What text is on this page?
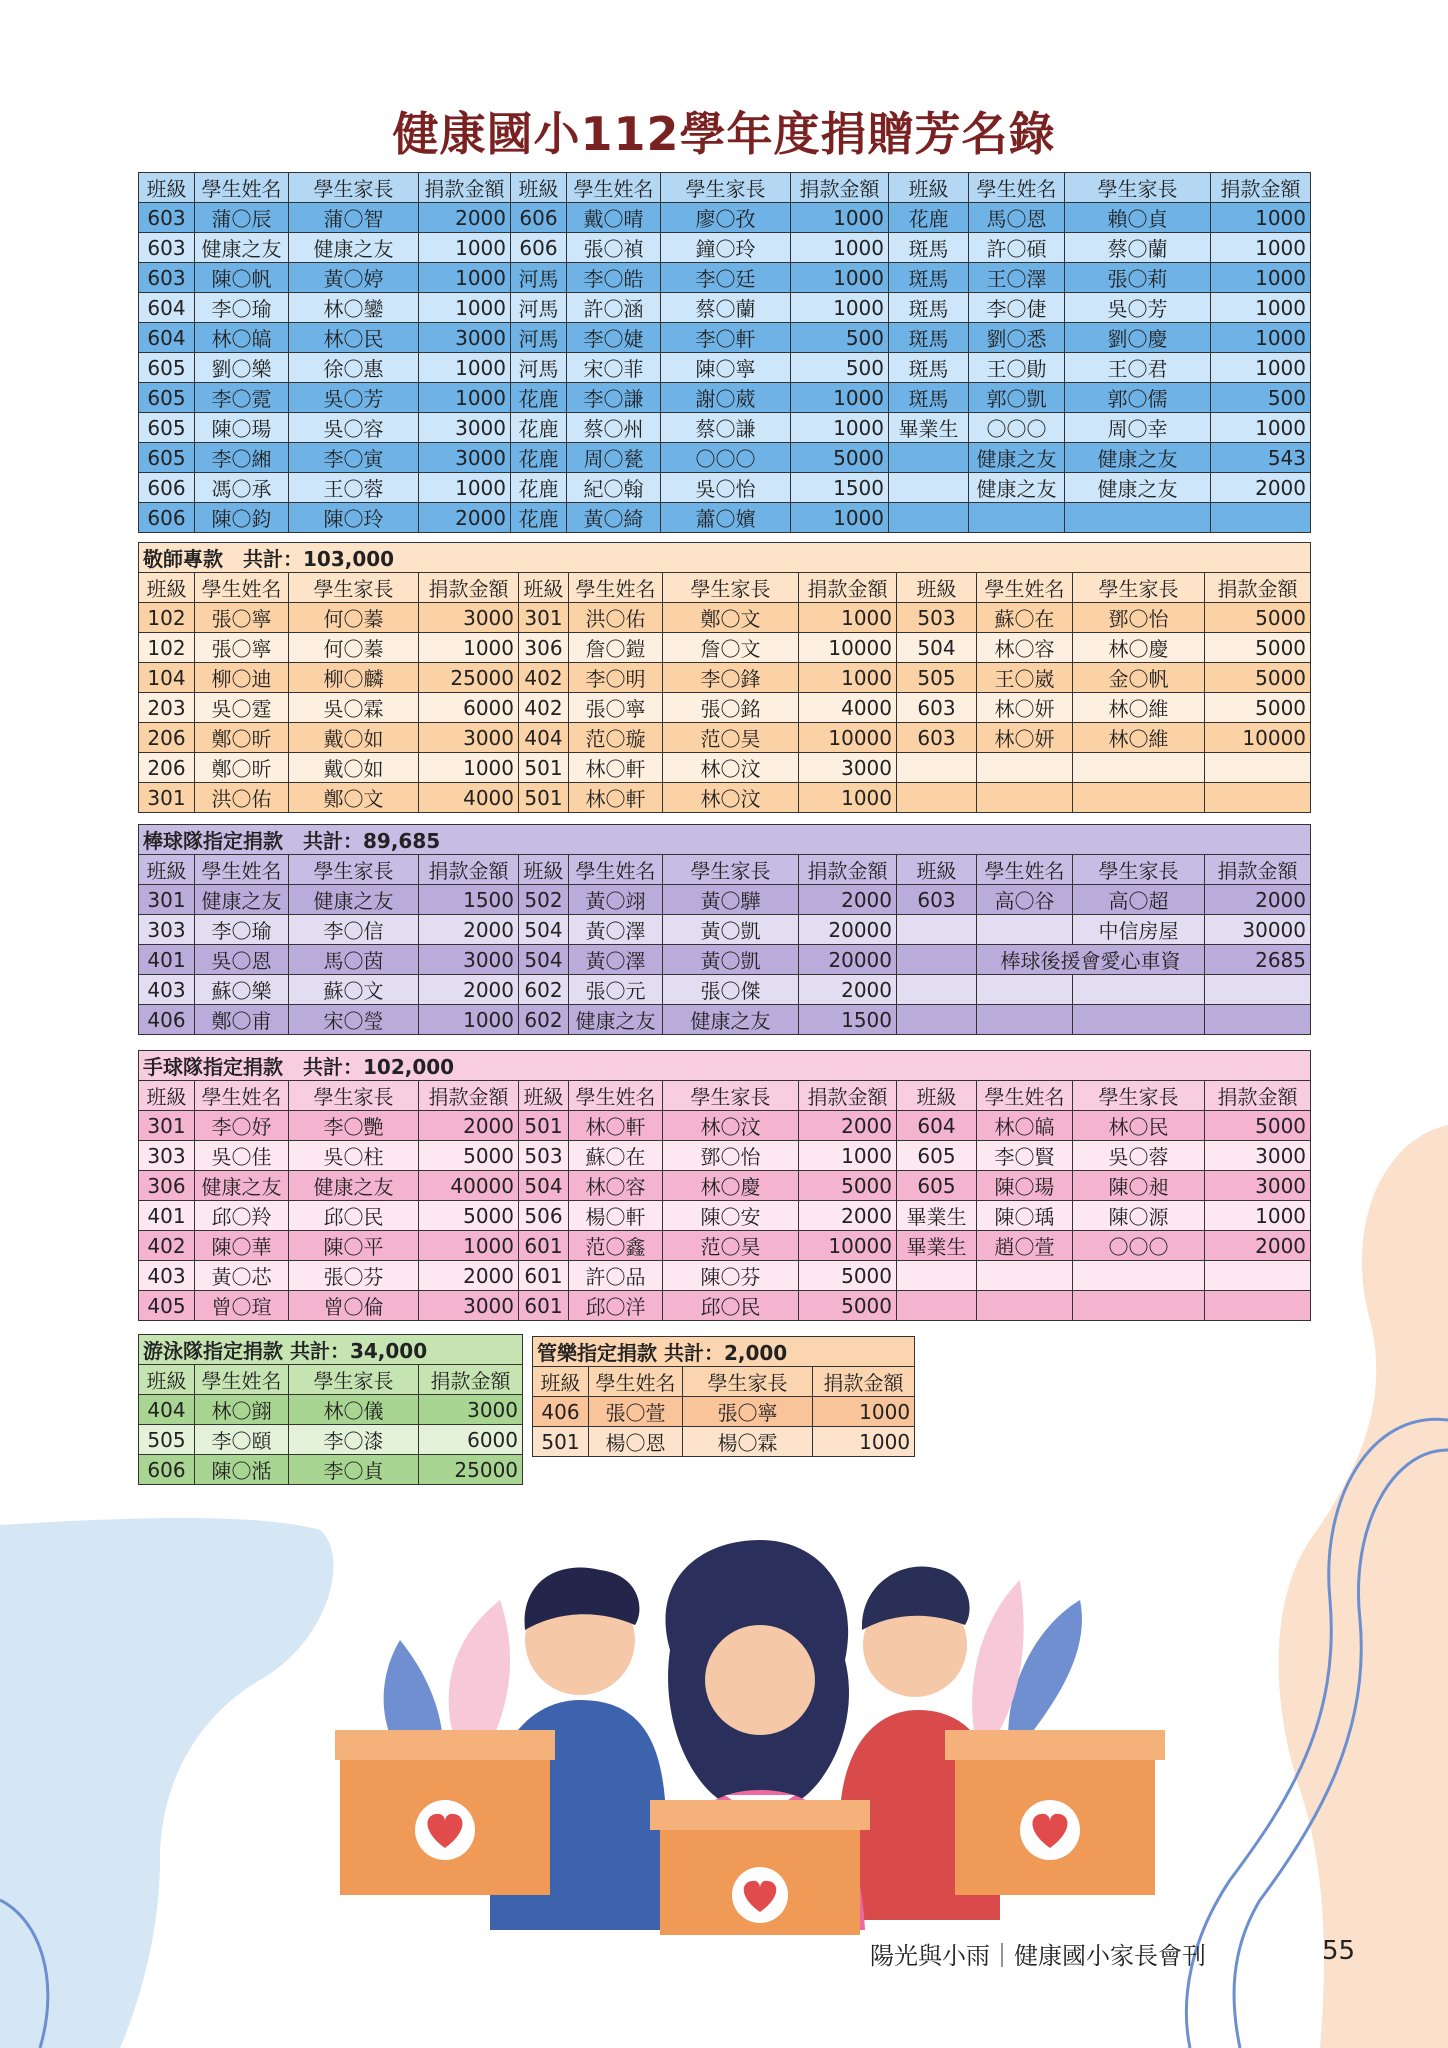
健康國小112學年度捐贈芳名錄
班級	學生姓名	學生家長	捐款金額	班級	學生姓名	學生家長	捐款金額	班級	學生姓名	學生家長	捐款金額
603	蒲〇辰	蒲〇智	2000	606	戴〇晴	廖〇孜	1000	花鹿	馬〇恩	賴〇貞	1000
603	健康之友	健康之友	1000	606	張〇禎	鐘〇玲	1000	斑馬	許〇碩	蔡〇蘭	1000
603	陳〇帆	黃〇婷	1000	河馬	李〇皓	李〇廷	1000	斑馬	王〇澤	張〇莉	1000
604	李〇瑜	林〇鑾	1000	河馬	許〇涵	蔡〇蘭	1000	斑馬	李〇倢	吳〇芳	1000
604	林〇皜	林〇民	3000	河馬	李〇婕	李〇軒	500	斑馬	劉〇悉	劉〇慶	1000
605	劉〇樂	徐〇惠	1000	河馬	宋〇菲	陳〇寧	500	斑馬	王〇勛	王〇君	1000
605	李〇霓	吳〇芳	1000	花鹿	李〇謙	謝〇葳	1000	斑馬	郭〇凱	郭〇儒	500
605	陳〇瑒	吳〇容	3000	花鹿	蔡〇州	蔡〇謙	1000	畢業生	〇〇〇	周〇幸	1000
605	李〇緗	李〇寅	3000	花鹿	周〇甆	〇〇〇	5000		健康之友	健康之友	543
606	馮〇承	王〇蓉	1000	花鹿	紀〇翰	吳〇怡	1500		健康之友	健康之友	2000
606	陳〇鈞	陳〇玲	2000	花鹿	黃〇綺	蕭〇嬪	1000				
敬師專款　共計：103,000											
班級	學生姓名	學生家長	捐款金額	班級	學生姓名	學生家長	捐款金額	班級	學生姓名	學生家長	捐款金額
102	張〇寧	何〇蓁	3000	301	洪〇佑	鄭〇文	1000	503	蘇〇在	鄧〇怡	5000
102	張〇寧	何〇蓁	1000	306	詹〇鎧	詹〇文	10000	504	林〇容	林〇慶	5000
104	柳〇迪	柳〇麟	25000	402	李〇明	李〇鋒	1000	505	王〇崴	金〇帆	5000
203	吳〇霆	吳〇霖	6000	402	張〇寧	張〇銘	4000	603	林〇妍	林〇維	5000
206	鄭〇昕	戴〇如	3000	404	范〇璇	范〇昊	10000	603	林〇妍	林〇維	10000
206	鄭〇昕	戴〇如	1000	501	林〇軒	林〇汶	3000				
301	洪〇佑	鄭〇文	4000	501	林〇軒	林〇汶	1000				
棒球隊指定捐款　共計：89,685											
班級	學生姓名	學生家長	捐款金額	班級	學生姓名	學生家長	捐款金額	班級	學生姓名	學生家長	捐款金額
301	健康之友	健康之友	1500	502	黃〇翊	黃〇驊	2000	603	高〇谷	高〇超	2000
303	李〇瑜	李〇信	2000	504	黃〇澤	黃〇凱	20000			中信房屋	30000
401	吳〇恩	馬〇茵	3000	504	黃〇澤	黃〇凱	20000		棒球後援會愛心車資		2685
403	蘇〇樂	蘇〇文	2000	602	張〇元	張〇傑	2000				
406	鄭〇甫	宋〇瑩	1000	602	健康之友	健康之友	1500				
手球隊指定捐款　共計：102,000											
班級	學生姓名	學生家長	捐款金額	班級	學生姓名	學生家長	捐款金額	班級	學生姓名	學生家長	捐款金額
301	李〇妤	李〇艷	2000	501	林〇軒	林〇汶	2000	604	林〇皜	林〇民	5000
303	吳〇佳	吳〇柱	5000	503	蘇〇在	鄧〇怡	1000	605	李〇賢	吳〇蓉	3000
306	健康之友	健康之友	40000	504	林〇容	林〇慶	5000	605	陳〇瑒	陳〇昶	3000
401	邱〇羚	邱〇民	5000	506	楊〇軒	陳〇安	2000	畢業生	陳〇瑀	陳〇源	1000
402	陳〇華	陳〇平	1000	601	范〇鑫	范〇昊	10000	畢業生	趙〇萱	〇〇〇	2000
403	黃〇芯	張〇芬	2000	601	許〇品	陳〇芬	5000				
405	曾〇瑄	曾〇倫	3000	601	邱〇洋	邱〇民	5000				
游泳隊指定捐款 共計：34,000			
班級	學生姓名	學生家長	捐款金額
404	林〇翧	林〇儀	3000
505	李〇頤	李〇漆	6000
606	陳〇湉	李〇貞	25000
管樂指定捐款 共計：2,000			
班級	學生姓名	學生家長	捐款金額
406	張〇萱	張〇寧	1000
501	楊〇恩	楊〇霖	1000
陽光與小雨｜健康國小家長會刊	55
